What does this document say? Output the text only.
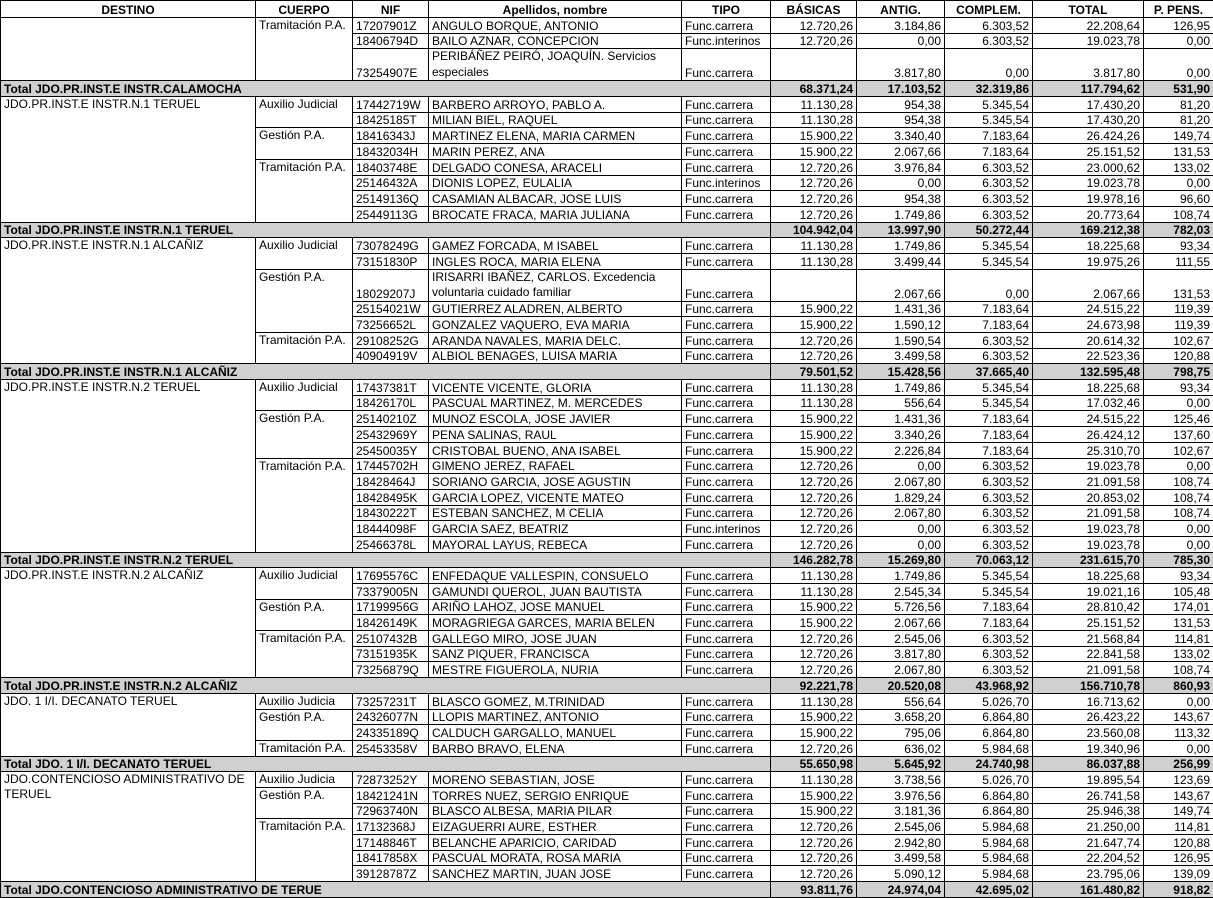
DESTINO	CUERPO	NIF	Apellidos, nombre	TIPO	BÁSICAS	ANTIG.	COMPLEM.	TOTAL	P. PENS.
	Tramitación P.A.	17207901Z	ANGULO BORQUE, ANTONIO	Func.carrera	12.720,26	3.184,86	6.303,52	22.208,64	126,95
		18406794D	BAILO AZNAR, CONCEPCION	Func.interinos	12.720,26	0,00	6.303,52	19.023,78	0,00
		73254907E	PERIBÁÑEZ PEIRÓ, JOAQUÍN. Servicios especiales	Func.carrera		3.817,80	0,00	3.817,80	0,00
Total JDO.PR.INST.E INSTR.CALAMOCHA					68.371,24	17.103,52	32.319,86	117.794,62	531,90
JDO.PR.INST.E INSTR.N.1 TERUEL	Auxilio Judicial	17442719W	BARBERO ARROYO, PABLO A.	Func.carrera	11.130,28	954,38	5.345,54	17.430,20	81,20
		18425185T	MILIAN BIEL, RAQUEL	Func.carrera	11.130,28	954,38	5.345,54	17.430,20	81,20
	Gestión P.A.	18416343J	MARTINEZ ELENA, MARIA CARMEN	Func.carrera	15.900,22	3.340,40	7.183,64	26.424,26	149,74
		18432034H	MARIN PEREZ, ANA	Func.carrera	15.900,22	2.067,66	7.183,64	25.151,52	131,53
	Tramitación P.A.	18403748E	DELGADO CONESA, ARACELI	Func.carrera	12.720,26	3.976,84	6.303,52	23.000,62	133,02
		25146432A	DIONIS LOPEZ, EULALIA	Func.interinos	12.720,26	0,00	6.303,52	19.023,78	0,00
		25149136Q	CASAMIAN ALBACAR, JOSE LUIS	Func.carrera	12.720,26	954,38	6.303,52	19.978,16	96,60
		25449113G	BROCATE FRACA, MARIA JULIANA	Func.carrera	12.720,26	1.749,86	6.303,52	20.773,64	108,74
Total JDO.PR.INST.E INSTR.N.1 TERUEL					104.942,04	13.997,90	50.272,44	169.212,38	782,03
JDO.PR.INST.E INSTR.N.1 ALCAÑIZ	Auxilio Judicial	73078249G	GAMEZ FORCADA, M ISABEL	Func.carrera	11.130,28	1.749,86	5.345,54	18.225,68	93,34
		73151830P	INGLES ROCA, MARIA ELENA	Func.carrera	11.130,28	3.499,44	5.345,54	19.975,26	111,55
	Gestión P.A.	18029207J	IRISARRI IBAÑEZ, CARLOS. Excedencia voluntaria cuidado familiar	Func.carrera		2.067,66	0,00	2.067,66	131,53
		25154021W	GUTIERREZ ALADREN, ALBERTO	Func.carrera	15.900,22	1.431,36	7.183,64	24.515,22	119,39
		73256652L	GONZALEZ VAQUERO, EVA MARIA	Func.carrera	15.900,22	1.590,12	7.183,64	24.673,98	119,39
	Tramitación P.A.	29108252G	ARANDA NAVALES, MARIA DELC.	Func.carrera	12.720,26	1.590,54	6.303,52	20.614,32	102,67
		40904919V	ALBIOL BENAGES, LUISA MARIA	Func.carrera	12.720,26	3.499,58	6.303,52	22.523,36	120,88
Total JDO.PR.INST.E INSTR.N.1 ALCAÑIZ					79.501,52	15.428,56	37.665,40	132.595,48	798,75
JDO.PR.INST.E INSTR.N.2 TERUEL	Auxilio Judicial	17437381T	VICENTE VICENTE, GLORIA	Func.carrera	11.130,28	1.749,86	5.345,54	18.225,68	93,34
		18426170L	PASCUAL MARTINEZ, M. MERCEDES	Func.carrera	11.130,28	556,64	5.345,54	17.032,46	0,00
	Gestión P.A.	25140210Z	MUNOZ ESCOLA, JOSE JAVIER	Func.carrera	15.900,22	1.431,36	7.183,64	24.515,22	125,46
		25432969Y	PENA SALINAS, RAUL	Func.carrera	15.900,22	3.340,26	7.183,64	26.424,12	137,60
		25450035Y	CRISTOBAL BUENO, ANA ISABEL	Func.carrera	15.900,22	2.226,84	7.183,64	25.310,70	102,67
	Tramitación P.A.	17445702H	GIMENO JEREZ, RAFAEL	Func.carrera	12.720,26	0,00	6.303,52	19.023,78	0,00
		18428464J	SORIANO GARCIA, JOSE AGUSTIN	Func.carrera	12.720,26	2.067,80	6.303,52	21.091,58	108,74
		18428495K	GARCIA LOPEZ, VICENTE MATEO	Func.carrera	12.720,26	1.829,24	6.303,52	20.853,02	108,74
		18430222T	ESTEBAN SANCHEZ, M CELIA	Func.carrera	12.720,26	2.067,80	6.303,52	21.091,58	108,74
		18444098F	GARCIA SAEZ, BEATRIZ	Func.interinos	12.720,26	0,00	6.303,52	19.023,78	0,00
		25466378L	MAYORAL LAYUS, REBECA	Func.carrera	12.720,26	0,00	6.303,52	19.023,78	0,00
Total JDO.PR.INST.E INSTR.N.2 TERUEL					146.282,78	15.269,80	70.063,12	231.615,70	785,30
JDO.PR.INST.E INSTR.N.2 ALCAÑIZ	Auxilio Judicial	17695576C	ENFEDAQUE VALLESPIN, CONSUELO	Func.carrera	11.130,28	1.749,86	5.345,54	18.225,68	93,34
		73379005N	GAMUNDI QUEROL, JUAN BAUTISTA	Func.carrera	11.130,28	2.545,34	5.345,54	19.021,16	105,48
	Gestión P.A.	17199956G	ARIÑO LAHOZ, JOSE MANUEL	Func.carrera	15.900,22	5.726,56	7.183,64	28.810,42	174,01
		18426149K	MORAGRIEGA GARCES, MARIA BELEN	Func.carrera	15.900,22	2.067,66	7.183,64	25.151,52	131,53
	Tramitación P.A.	25107432B	GALLEGO MIRO, JOSE JUAN	Func.carrera	12.720,26	2.545,06	6.303,52	21.568,84	114,81
		73151935K	SANZ PIQUER, FRANCISCA	Func.carrera	12.720,26	3.817,80	6.303,52	22.841,58	133,02
		73256879Q	MESTRE FIGUEROLA, NURIA	Func.carrera	12.720,26	2.067,80	6.303,52	21.091,58	108,74
Total JDO.PR.INST.E INSTR.N.2 ALCAÑIZ					92.221,78	20.520,08	43.968,92	156.710,78	860,93
JDO. 1 I/I. DECANATO TERUEL	Auxilio Judicia	73257231T	BLASCO GOMEZ, M.TRINIDAD	Func.carrera	11.130,28	556,64	5.026,70	16.713,62	0,00
	Gestión P.A.	24326077N	LLOPIS MARTINEZ, ANTONIO	Func.carrera	15.900,22	3.658,20	6.864,80	26.423,22	143,67
		24335189Q	CALDUCH GARGALLO, MANUEL	Func.carrera	15.900,22	795,06	6.864,80	23.560,08	113,32
	Tramitación P.A.	25453358V	BARBO BRAVO, ELENA	Func.carrera	12.720,26	636,02	5.984,68	19.340,96	0,00
Total JDO. 1 I/I. DECANATO TERUEL					55.650,98	5.645,92	24.740,98	86.037,88	256,99
JDO.CONTENCIOSO ADMINISTRATIVO DE TERUEL	Auxilio Judicia	72873252Y	MORENO SEBASTIAN, JOSE	Func.carrera	11.130,28	3.738,56	5.026,70	19.895,54	123,69
	Gestión P.A.	18421241N	TORRES NUEZ, SERGIO ENRIQUE	Func.carrera	15.900,22	3.976,56	6.864,80	26.741,58	143,67
		72963740N	BLASCO ALBESA, MARIA PILAR	Func.carrera	15.900,22	3.181,36	6.864,80	25.946,38	149,74
	Tramitación P.A.	17132368J	EIZAGUERRI AURE, ESTHER	Func.carrera	12.720,26	2.545,06	5.984,68	21.250,00	114,81
		17148846T	BELANCHE APARICIO, CARIDAD	Func.carrera	12.720,26	2.942,80	5.984,68	21.647,74	120,88
		18417858X	PASCUAL MORATA, ROSA MARIA	Func.carrera	12.720,26	3.499,58	5.984,68	22.204,52	126,95
		39128787Z	SANCHEZ MARTIN, JUAN JOSE	Func.carrera	12.720,26	5.090,12	5.984,68	23.795,06	139,09
Total JDO.CONTENCIOSO ADMINISTRATIVO DE TERUE					93.811,76	24.974,04	42.695,02	161.480,82	918,82
